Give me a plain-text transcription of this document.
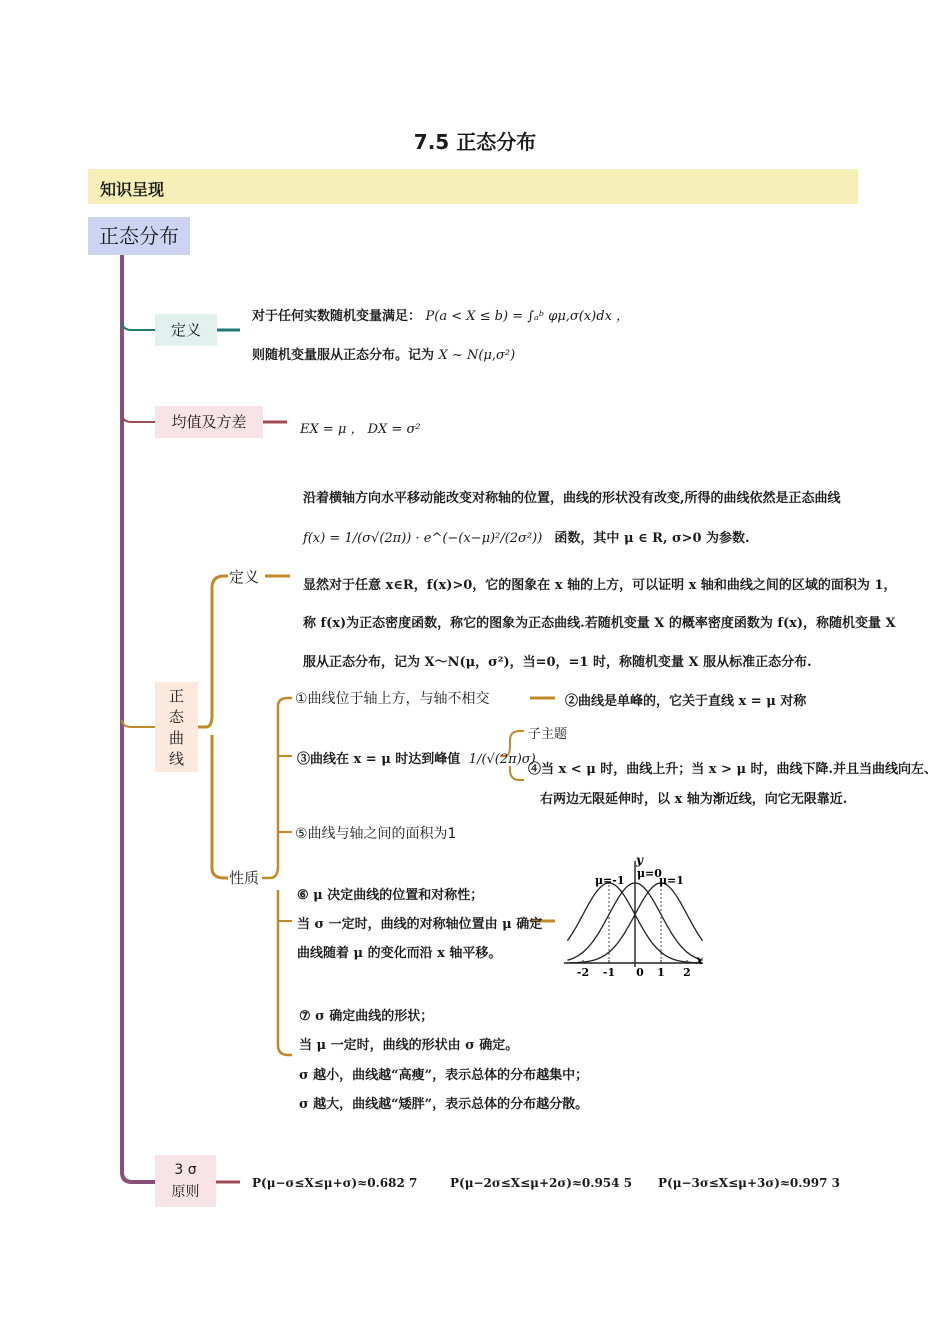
7.5 正态分布
知识呈现
正态分布
定义
均值及方差
正
态
曲
线
3 σ
原则
对于任何实数随机变量满足： P(a < X ≤ b) = ∫ₐᵇ φμ,σ(x)dx ，
则随机变量服从正态分布。记为 X ~ N(μ,σ²)
EX = μ ， DX = σ²
定义
沿着横轴方向水平移动能改变对称轴的位置，曲线的形状没有改变,所得的曲线依然是正态曲线
f(x) = 1/(σ√(2π)) · e^(−(x−μ)²/(2σ²)) 函数，其中 μ ∈ R, σ>0 为参数.
显然对于任意 x∈R，f(x)>0，它的图象在 x 轴的上方，可以证明 x 轴和曲线之间的区域的面积为 1，
称 f(x)为正态密度函数，称它的图象为正态曲线.若随机变量 X 的概率密度函数为 f(x)，称随机变量 X
服从正态分布，记为 X～N(μ，σ²)，当=0，=1 时，称随机变量 X 服从标准正态分布.
性质
①曲线位于轴上方，与轴不相交	②曲线是单峰的，它关于直线 x = μ 对称
③曲线在 x = μ 时达到峰值 1/(√(2π)σ)
子主题
④当 x < μ 时，曲线上升；当 x > μ 时，曲线下降.并且当曲线向左、
右两边无限延伸时，以 x 轴为渐近线，向它无限靠近.
⑤曲线与轴之间的面积为1
⑥ μ 决定曲线的位置和对称性；
当 σ 一定时，曲线的对称轴位置由 μ 确定
曲线随着 μ 的变化而沿 x 轴平移。
⑦ σ 确定曲线的形状；
当 μ 一定时，曲线的形状由 σ 确定。
σ 越小，曲线越“高瘦”，表示总体的分布越集中；
σ 越大，曲线越“矮胖”，表示总体的分布越分散。
μ=-1
μ=0
μ=1
-2 -1 0 1 2
x
y
P(μ−σ≤X≤μ+σ)≈0.682 7	P(μ−2σ≤X≤μ+2σ)≈0.954 5 P(μ−3σ≤X≤μ+3σ)≈0.997 3
